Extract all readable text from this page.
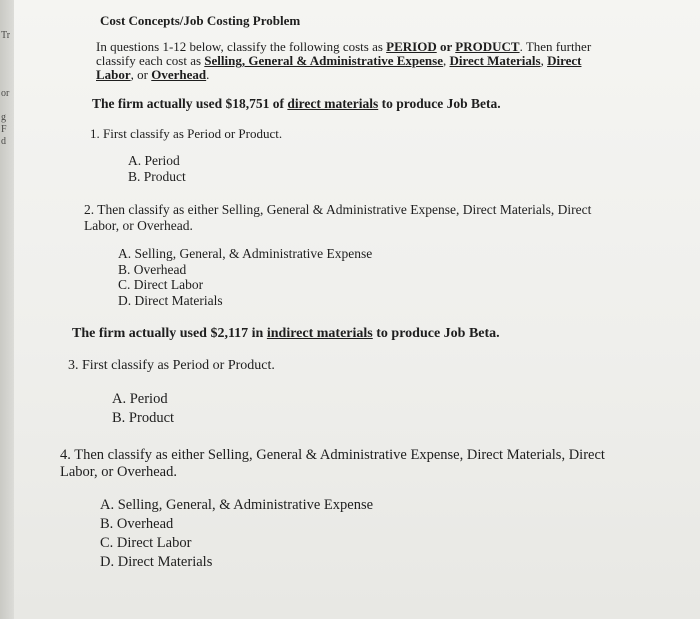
Tr
or
g
F
d
Cost Concepts/Job Costing Problem
In questions 1-12 below, classify the following costs as PERIOD or PRODUCT. Then further
classify each cost as Selling, General & Administrative Expense, Direct Materials, Direct
Labor, or Overhead.
The firm actually used $18,751 of direct materials to produce Job Beta.
1. First classify as Period or Product.
A. Period
B. Product
2. Then classify as either Selling, General & Administrative Expense, Direct Materials, Direct
Labor, or Overhead.
A. Selling, General, & Administrative Expense
B. Overhead
C. Direct Labor
D. Direct Materials
The firm actually used $2,117 in indirect materials to produce Job Beta.
3. First classify as Period or Product.
A. Period
B. Product
4. Then classify as either Selling, General & Administrative Expense, Direct Materials, Direct
Labor, or Overhead.
A. Selling, General, & Administrative Expense
B. Overhead
C. Direct Labor
D. Direct Materials
